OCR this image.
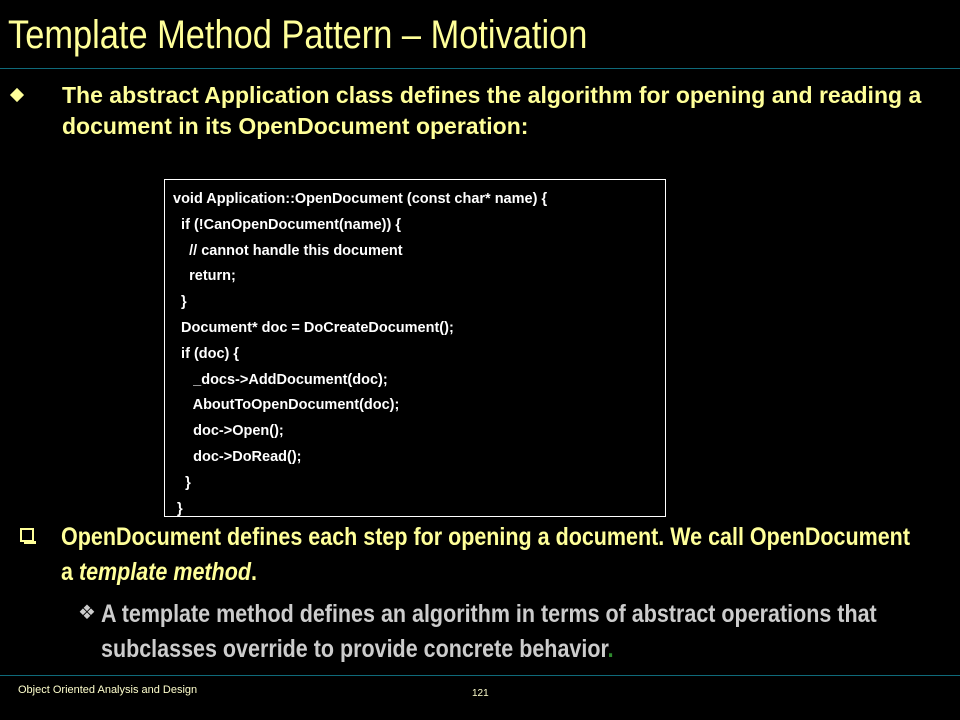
Template Method Pattern – Motivation
The abstract Application class defines the algorithm for opening and reading a document in its OpenDocument operation:
void Application::OpenDocument (const char* name) {
if (!CanOpenDocument(name)) {
// cannot handle this document
return;
}
Document* doc = DoCreateDocument();
if (doc) {
_docs->AddDocument(doc);
AboutToOpenDocument(doc);
doc->Open();
doc->DoRead();
}
}
OpenDocument defines each step for opening a document. We call OpenDocument a template method.
❖ A template method defines an algorithm in terms of abstract operations that subclasses override to provide concrete behavior.
Object Oriented Analysis and Design	121
